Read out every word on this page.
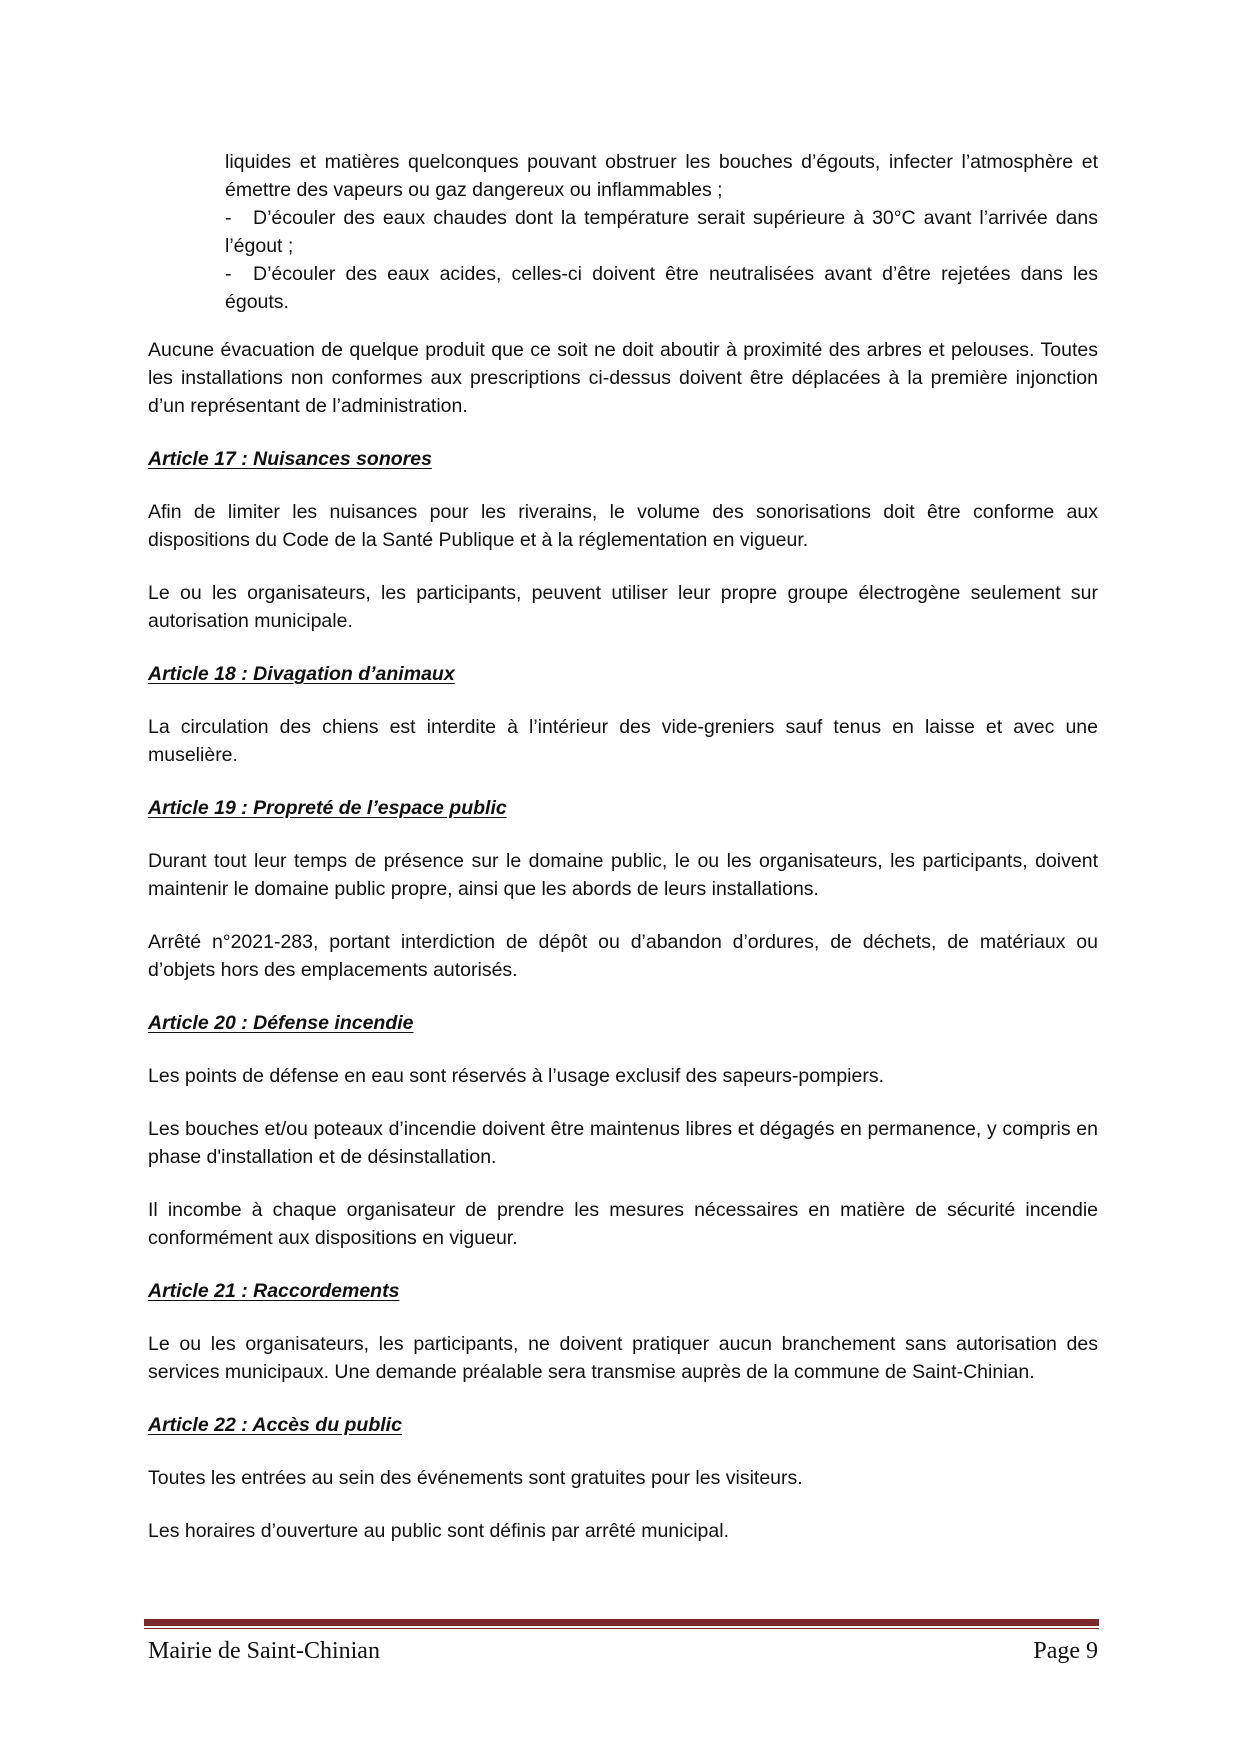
liquides et matières quelconques pouvant obstruer les bouches d’égouts, infecter l’atmosphère et émettre des vapeurs ou gaz dangereux ou inflammables ;

- D’écouler des eaux chaudes dont la température serait supérieure à 30°C avant l’arrivée dans l’égout ;

- D’écouler des eaux acides, celles-ci doivent être neutralisées avant d’être rejetées dans les égouts.

Aucune évacuation de quelque produit que ce soit ne doit aboutir à proximité des arbres et pelouses. Toutes les installations non conformes aux prescriptions ci-dessus doivent être déplacées à la première injonction d’un représentant de l’administration.

Article 17 : Nuisances sonores

Afin de limiter les nuisances pour les riverains, le volume des sonorisations doit être conforme aux dispositions du Code de la Santé Publique et à la réglementation en vigueur.

Le ou les organisateurs, les participants, peuvent utiliser leur propre groupe électrogène seulement sur autorisation municipale.

Article 18 : Divagation d’animaux

La circulation des chiens est interdite à l’intérieur des vide-greniers sauf tenus en laisse et avec une muselière.

Article 19 : Propreté de l’espace public

Durant tout leur temps de présence sur le domaine public, le ou les organisateurs, les participants, doivent maintenir le domaine public propre, ainsi que les abords de leurs installations.

Arrêté n°2021-283, portant interdiction de dépôt ou d’abandon d’ordures, de déchets, de matériaux ou d’objets hors des emplacements autorisés.

Article 20 : Défense incendie

Les points de défense en eau sont réservés à l’usage exclusif des sapeurs-pompiers.

Les bouches et/ou poteaux d’incendie doivent être maintenus libres et dégagés en permanence, y compris en phase d'installation et de désinstallation.

Il incombe à chaque organisateur de prendre les mesures nécessaires en matière de sécurité incendie conformément aux dispositions en vigueur.

Article 21 : Raccordements

Le ou les organisateurs, les participants, ne doivent pratiquer aucun branchement sans autorisation des services municipaux. Une demande préalable sera transmise auprès de la commune de Saint-Chinian.

Article 22 : Accès du public

Toutes les entrées au sein des événements sont gratuites pour les visiteurs.

Les horaires d’ouverture au public sont définis par arrêté municipal.

Mairie de Saint-Chinian	Page 9
